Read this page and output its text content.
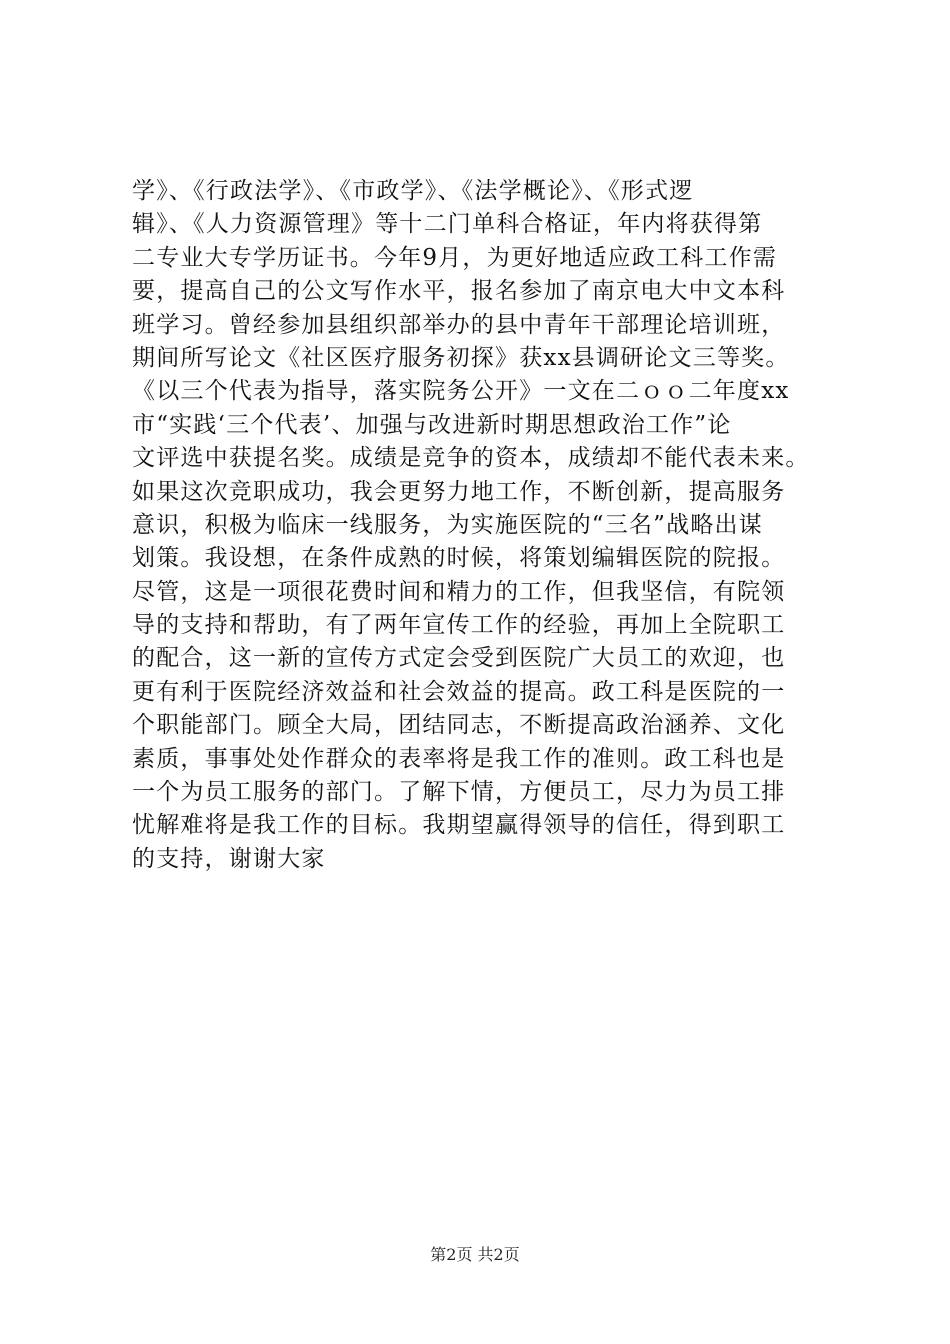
学》、《行政法学》、《市政学》、《法学概论》、《形式逻
辑》、《人力资源管理》等十二门单科合格证，年内将获得第
二专业大专学历证书。今年9月，为更好地适应政工科工作需
要，提高自己的公文写作水平，报名参加了南京电大中文本科
班学习。曾经参加县组织部举办的县中青年干部理论培训班，
期间所写论文《社区医疗服务初探》获xx县调研论文三等奖。
《以三个代表为指导，落实院务公开》一文在二ｏｏ二年度xx
市“实践‘三个代表’、加强与改进新时期思想政治工作”论
文评选中获提名奖。成绩是竞争的资本，成绩却不能代表未来。
如果这次竞职成功，我会更努力地工作，不断创新，提高服务
意识，积极为临床一线服务，为实施医院的“三名”战略出谋
划策。我设想，在条件成熟的时候，将策划编辑医院的院报。
尽管，这是一项很花费时间和精力的工作，但我坚信，有院领
导的支持和帮助，有了两年宣传工作的经验，再加上全院职工
的配合，这一新的宣传方式定会受到医院广大员工的欢迎，也
更有利于医院经济效益和社会效益的提高。政工科是医院的一
个职能部门。顾全大局，团结同志，不断提高政治涵养、文化
素质，事事处处作群众的表率将是我工作的准则。政工科也是
一个为员工服务的部门。了解下情，方便员工，尽力为员工排
忧解难将是我工作的目标。我期望赢得领导的信任，得到职工
的支持，谢谢大家
第2页 共2页
